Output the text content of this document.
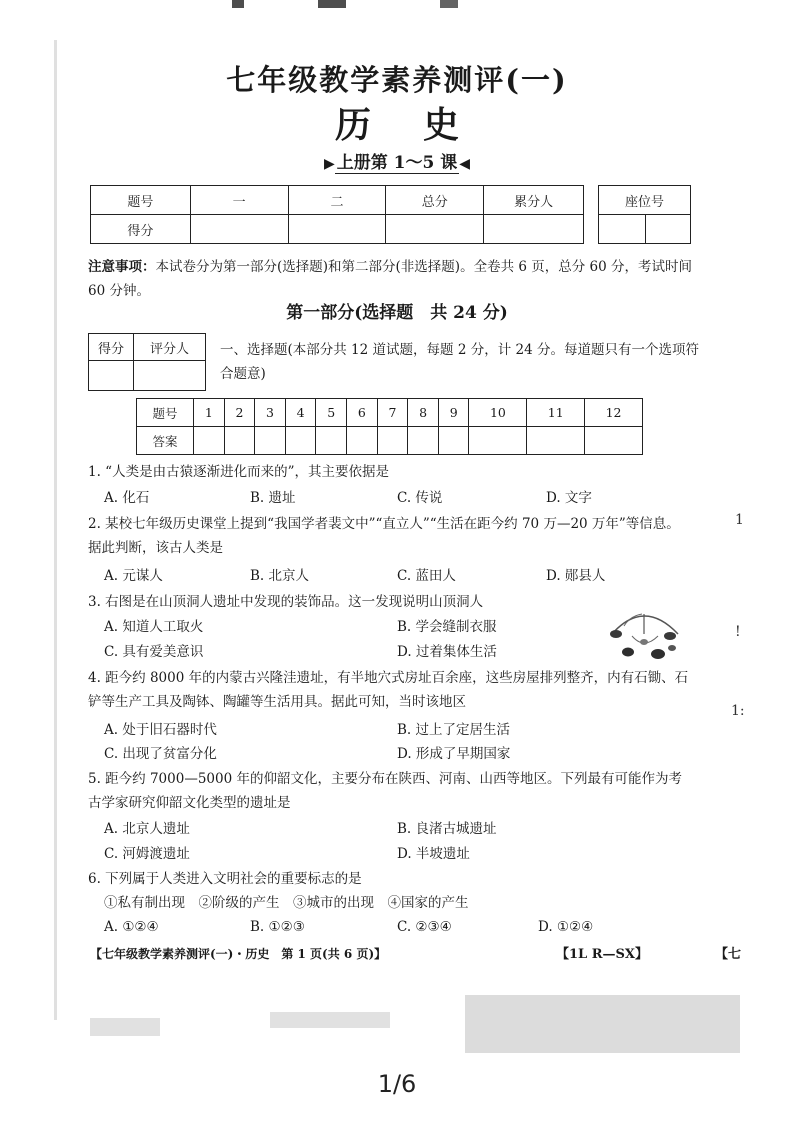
七年级教学素养测评(一)
历史
▶ 上册第 1～5 课 ◀
题号	一	二	总分	累分人
得分				
座位号

注意事项：本试卷分为第一部分(选择题)和第二部分(非选择题)。全卷共 6 页，总分 60 分，考试时间 60 分钟。
第一部分(选择题　共 24 分)
得分	评分人
	一、选择题(本部分共 12 道试题，每题 2 分，计 24 分。每道题只有一个选项符合题意)
题号	1	2	3	4	5	6	7	8	9	10	11	12
答案												
1. “人类是由古猿逐渐进化而来的”，其主要依据是
A. 化石	B. 遗址	C. 传说	D. 文字
2. 某校七年级历史课堂上提到“我国学者裴文中”“直立人”“生活在距今约 70 万—20 万年”等信息。据此判断，该古人类是
A. 元谋人	B. 北京人	C. 蓝田人	D. 郧县人
3. 右图是在山顶洞人遗址中发现的装饰品。这一发现说明山顶洞人
A. 知道人工取火	B. 学会缝制衣服
C. 具有爱美意识	D. 过着集体生活
4. 距今约 8000 年的内蒙古兴隆洼遗址，有半地穴式房址百余座，这些房屋排列整齐，内有石锄、石铲等生产工具及陶钵、陶罐等生活用具。据此可知，当时该地区
A. 处于旧石器时代	B. 过上了定居生活
C. 出现了贫富分化	D. 形成了早期国家
5. 距今约 7000—5000 年的仰韶文化，主要分布在陕西、河南、山西等地区。下列最有可能作为考古学家研究仰韶文化类型的遗址是
A. 北京人遗址	B. 良渚古城遗址
C. 河姆渡遗址	D. 半坡遗址
6. 下列属于人类进入文明社会的重要标志的是
①私有制出现　②阶级的产生　③城市的出现　④国家的产生
A. ①②④	B. ①②③	C. ②③④	D. ①②④
【七年级教学素养测评(一)・历史　第 1 页(共 6 页)】	【1L R—SX】	【七
1
!
1:
1/6
